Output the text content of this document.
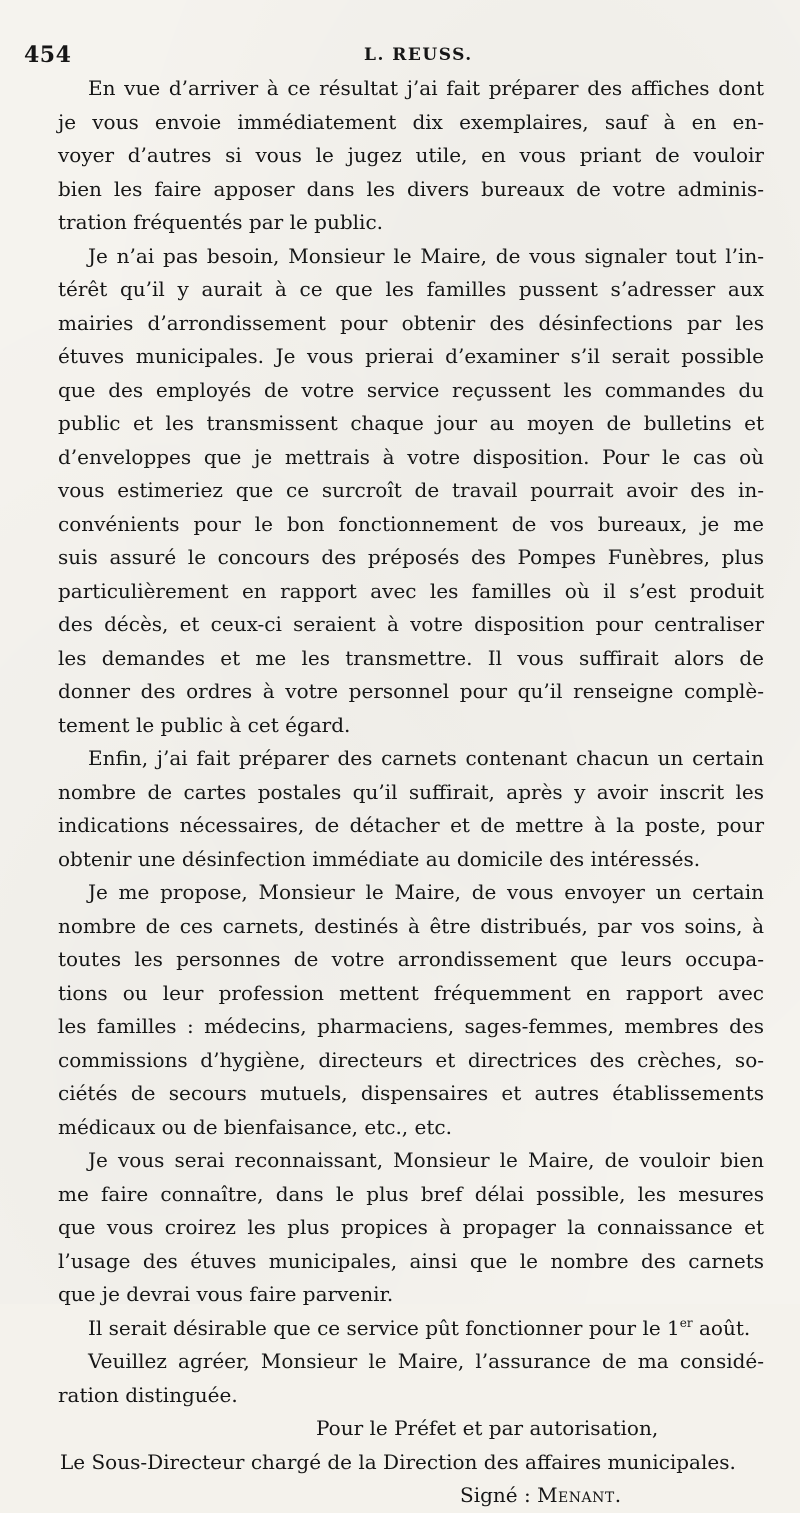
454	L. REUSS.
En vue d’arriver à ce résultat j’ai fait préparer des affiches dont
je vous envoie immédiatement dix exemplaires, sauf à en en-
voyer d’autres si vous le jugez utile, en vous priant de vouloir
bien les faire apposer dans les divers bureaux de votre adminis-
tration fréquentés par le public.
Je n’ai pas besoin, Monsieur le Maire, de vous signaler tout l’in-
térêt qu’il y aurait à ce que les familles pussent s’adresser aux
mairies d’arrondissement pour obtenir des désinfections par les
étuves municipales. Je vous prierai d’examiner s’il serait possible
que des employés de votre service reçussent les commandes du
public et les transmissent chaque jour au moyen de bulletins et
d’enveloppes que je mettrais à votre disposition. Pour le cas où
vous estimeriez que ce surcroît de travail pourrait avoir des in-
convénients pour le bon fonctionnement de vos bureaux, je me
suis assuré le concours des préposés des Pompes Funèbres, plus
particulièrement en rapport avec les familles où il s’est produit
des décès, et ceux-ci seraient à votre disposition pour centraliser
les demandes et me les transmettre. Il vous suffirait alors de
donner des ordres à votre personnel pour qu’il renseigne complè-
tement le public à cet égard.
Enfin, j’ai fait préparer des carnets contenant chacun un certain
nombre de cartes postales qu’il suffirait, après y avoir inscrit les
indications nécessaires, de détacher et de mettre à la poste, pour
obtenir une désinfection immédiate au domicile des intéressés.
Je me propose, Monsieur le Maire, de vous envoyer un certain
nombre de ces carnets, destinés à être distribués, par vos soins, à
toutes les personnes de votre arrondissement que leurs occupa-
tions ou leur profession mettent fréquemment en rapport avec
les familles : médecins, pharmaciens, sages-femmes, membres des
commissions d’hygiène, directeurs et directrices des crèches, so-
ciétés de secours mutuels, dispensaires et autres établissements
médicaux ou de bienfaisance, etc., etc.
Je vous serai reconnaissant, Monsieur le Maire, de vouloir bien
me faire connaître, dans le plus bref délai possible, les mesures
que vous croirez les plus propices à propager la connaissance et
l’usage des étuves municipales, ainsi que le nombre des carnets
que je devrai vous faire parvenir.
Il serait désirable que ce service pût fonctionner pour le 1er août.
Veuillez agréer, Monsieur le Maire, l’assurance de ma considé-
ration distinguée.
Pour le Préfet et par autorisation,
Le Sous-Directeur chargé de la Direction des affaires municipales.
Signé : Menant.
